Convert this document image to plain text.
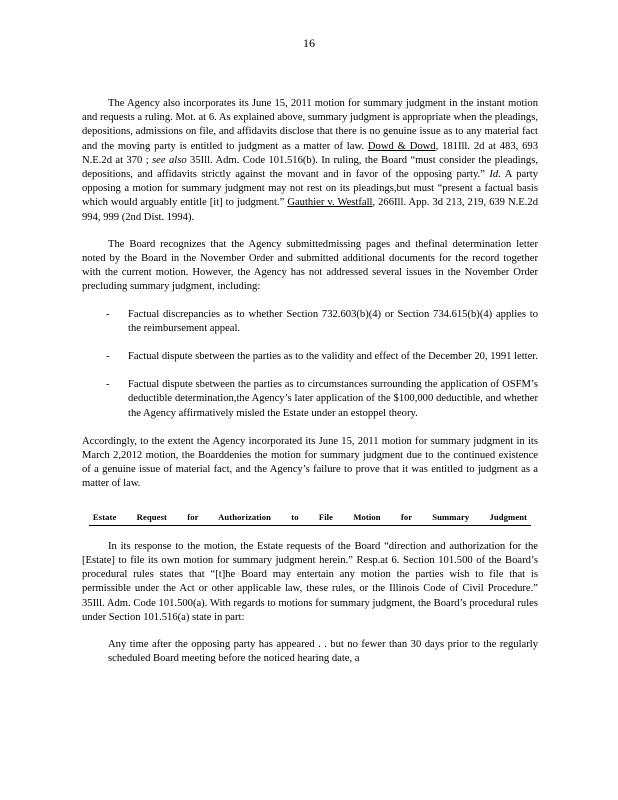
16

The Agency also incorporates its June 15, 2011 motion for summary judgment in the instant motion and requests a ruling. Mot. at 6. As explained above, summary judgment is appropriate when the pleadings, depositions, admissions on file, and affidavits disclose that there is no genuine issue as to any material fact and the moving party is entitled to judgment as a matter of law. Dowd & Dowd, 181Ill. 2d at 483, 693 N.E.2d at 370 ; see also 35Ill. Adm. Code 101.516(b). In ruling, the Board “must consider the pleadings, depositions, and affidavits strictly against the movant and in favor of the opposing party.” Id. A party opposing a motion for summary judgment may not rest on its pleadings,but must “present a factual basis which would arguably entitle [it] to judgment.” Gauthier v. Westfall, 266Ill. App. 3d 213, 219, 639 N.E.2d 994, 999 (2nd Dist. 1994).

The Board recognizes that the Agency submittedmissing pages and thefinal determination letter noted by the Board in the November Order and submitted additional documents for the record together with the current motion. However, the Agency has not addressed several issues in the November Order precluding summary judgment, including:

- Factual discrepancies as to whether Section 732.603(b)(4) or Section 734.615(b)(4) applies to the reimbursement appeal.
- Factual dispute sbetween the parties as to the validity and effect of the December 20, 1991 letter.
- Factual dispute sbetween the parties as to circumstances surrounding the application of OSFM’s deductible determination,the Agency’s later application of the $100,000 deductible, and whether the Agency affirmatively misled the Estate under an estoppel theory.

Accordingly, to the extent the Agency incorporated its June 15, 2011 motion for summary judgment in its March 2,2012 motion, the Boarddenies the motion for summary judgment due to the continued existence of a genuine issue of material fact, and the Agency’s failure to prove that it was entitled to judgment as a matter of law.

Estate Request for Authorization to File Motion for Summary Judgment

In its response to the motion, the Estate requests of the Board “direction and authorization for the [Estate] to file its own motion for summary judgment herein.” Resp.at 6. Section 101.500 of the Board’s procedural rules states that “[t]he Board may entertain any motion the parties wish to file that is permissible under the Act or other applicable law, these rules, or the Illinois Code of Civil Procedure.” 35Ill. Adm. Code 101.500(a). With regards to motions for summary judgment, the Board’s procedural rules under Section 101.516(a) state in part:

Any time after the opposing party has appeared . . but no fewer than 30 days prior to the regularly scheduled Board meeting before the noticed hearing date, a
